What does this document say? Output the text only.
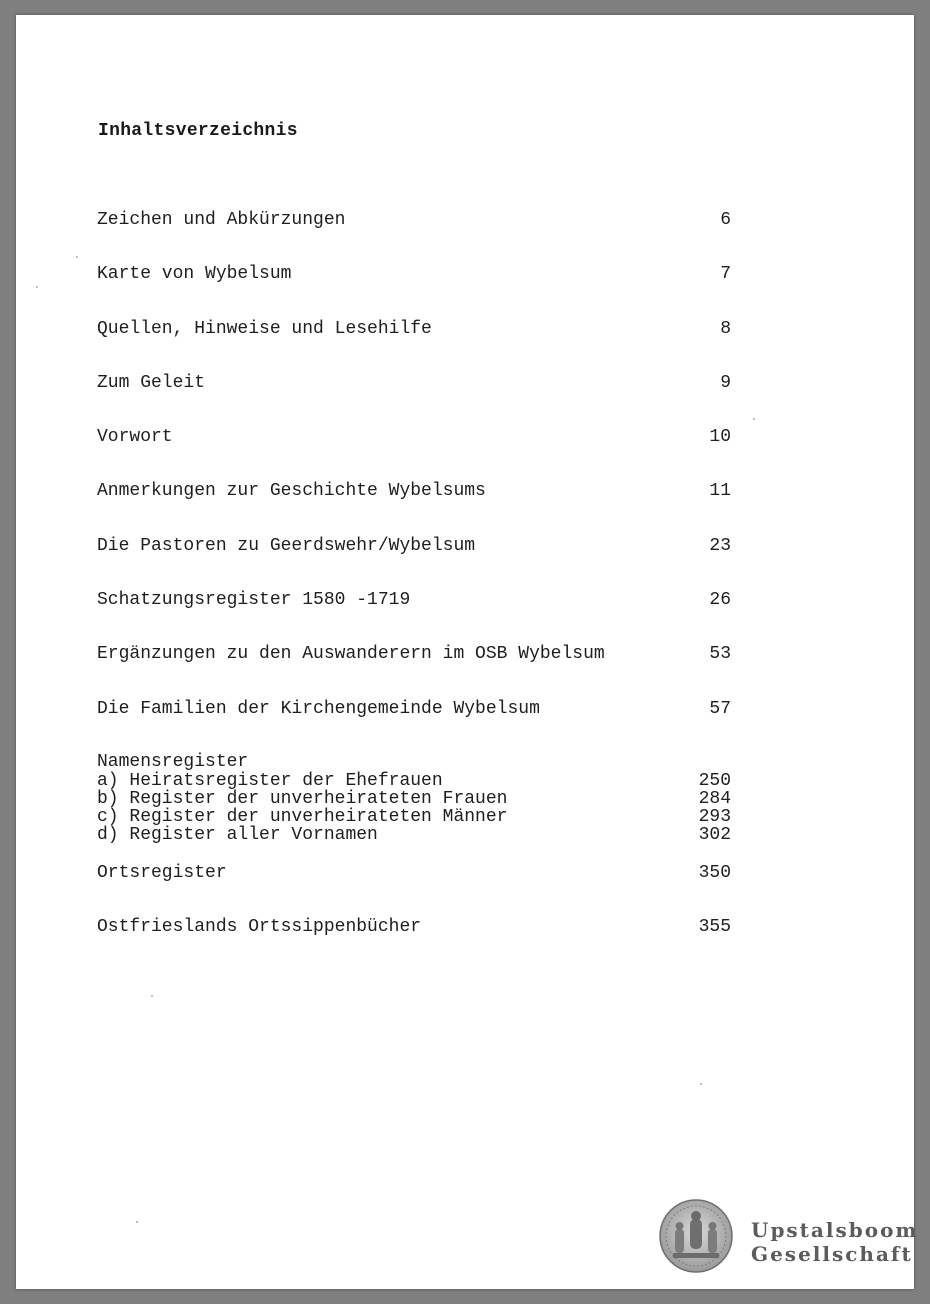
Inhaltsverzeichnis
Zeichen und Abkürzungen	6
Karte von Wybelsum	7
Quellen, Hinweise und Lesehilfe	8
Zum Geleit	9
Vorwort	10
Anmerkungen zur Geschichte Wybelsums	11
Die Pastoren zu Geerdswehr/Wybelsum	23
Schatzungsregister 1580 -1719	26
Ergänzungen zu den Auswanderern im OSB Wybelsum	53
Die Familien der Kirchengemeinde Wybelsum	57
Namensregister
a) Heiratsregister der Ehefrauen	250
b) Register der unverheirateten Frauen	284
c) Register der unverheirateten Männer	293
d) Register aller Vornamen	302
Ortsregister	350
Ostfrieslands Ortssippenbücher	355
Upstalsboom
Gesellschaft
